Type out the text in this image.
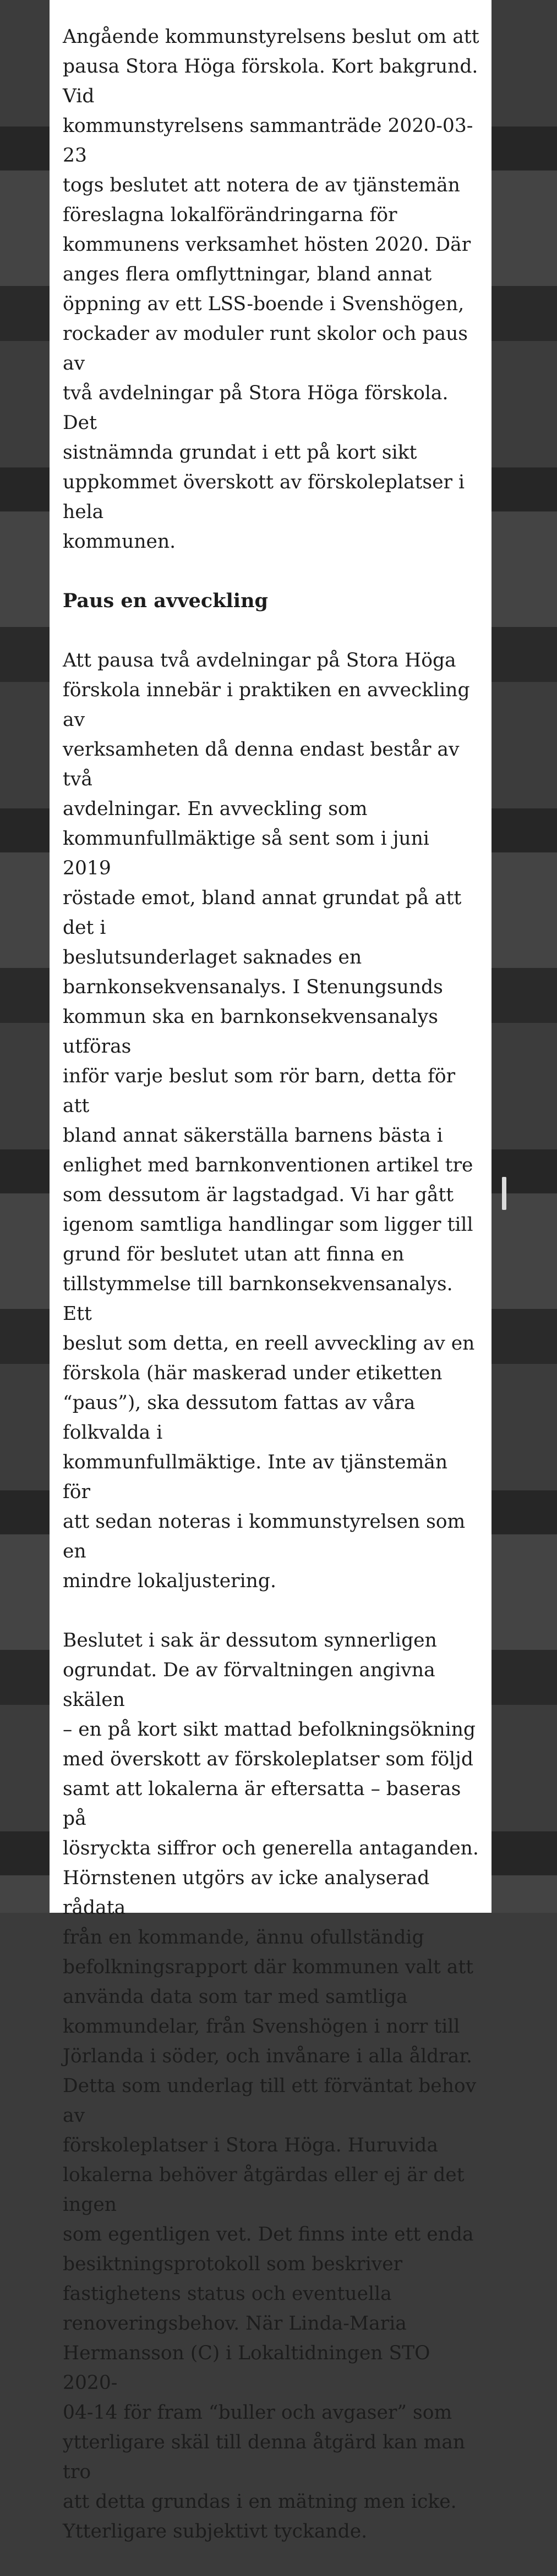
Angående kommunstyrelsens beslut om att
pausa Stora Höga förskola. Kort bakgrund. Vid
kommunstyrelsens sammanträde 2020-03-23
togs beslutet att notera de av tjänstemän
föreslagna lokalförändringarna för
kommunens verksamhet hösten 2020. Där
anges flera omflyttningar, bland annat
öppning av ett LSS-boende i Svenshögen,
rockader av moduler runt skolor och paus av
två avdelningar på Stora Höga förskola. Det
sistnämnda grundat i ett på kort sikt
uppkommet överskott av förskoleplatser i hela
kommunen.

Paus en avveckling

Att pausa två avdelningar på Stora Höga
förskola innebär i praktiken en avveckling av
verksamheten då denna endast består av två
avdelningar. En avveckling som
kommunfullmäktige så sent som i juni 2019
röstade emot, bland annat grundat på att det i
beslutsunderlaget saknades en
barnkonsekvensanalys. I Stenungsunds
kommun ska en barnkonsekvensanalys utföras
inför varje beslut som rör barn, detta för att
bland annat säkerställa barnens bästa i
enlighet med barnkonventionen artikel tre
som dessutom är lagstadgad. Vi har gått
igenom samtliga handlingar som ligger till
grund för beslutet utan att finna en
tillstymmelse till barnkonsekvensanalys. Ett
beslut som detta, en reell avveckling av en
förskola (här maskerad under etiketten
“paus”), ska dessutom fattas av våra folkvalda i
kommunfullmäktige. Inte av tjänstemän för
att sedan noteras i kommunstyrelsen som en
mindre lokaljustering.

Beslutet i sak är dessutom synnerligen
ogrundat. De av förvaltningen angivna skälen
– en på kort sikt mattad befolkningsökning
med överskott av förskoleplatser som följd
samt att lokalerna är eftersatta – baseras på
lösryckta siffror och generella antaganden.
Hörnstenen utgörs av icke analyserad rådata
från en kommande, ännu ofullständig
befolkningsrapport där kommunen valt att
använda data som tar med samtliga
kommundelar, från Svenshögen i norr till
Jörlanda i söder, och invånare i alla åldrar.
Detta som underlag till ett förväntat behov av
förskoleplatser i Stora Höga. Huruvida
lokalerna behöver åtgärdas eller ej är det ingen
som egentligen vet. Det finns inte ett enda
besiktningsprotokoll som beskriver
fastighetens status och eventuella
renoveringsbehov. När Linda-Maria
Hermansson (C) i Lokaltidningen STO 2020-
04-14 för fram “buller och avgaser” som
ytterligare skäl till denna åtgärd kan man tro
att detta grundas i en mätning men icke.
Ytterligare subjektivt tyckande.
